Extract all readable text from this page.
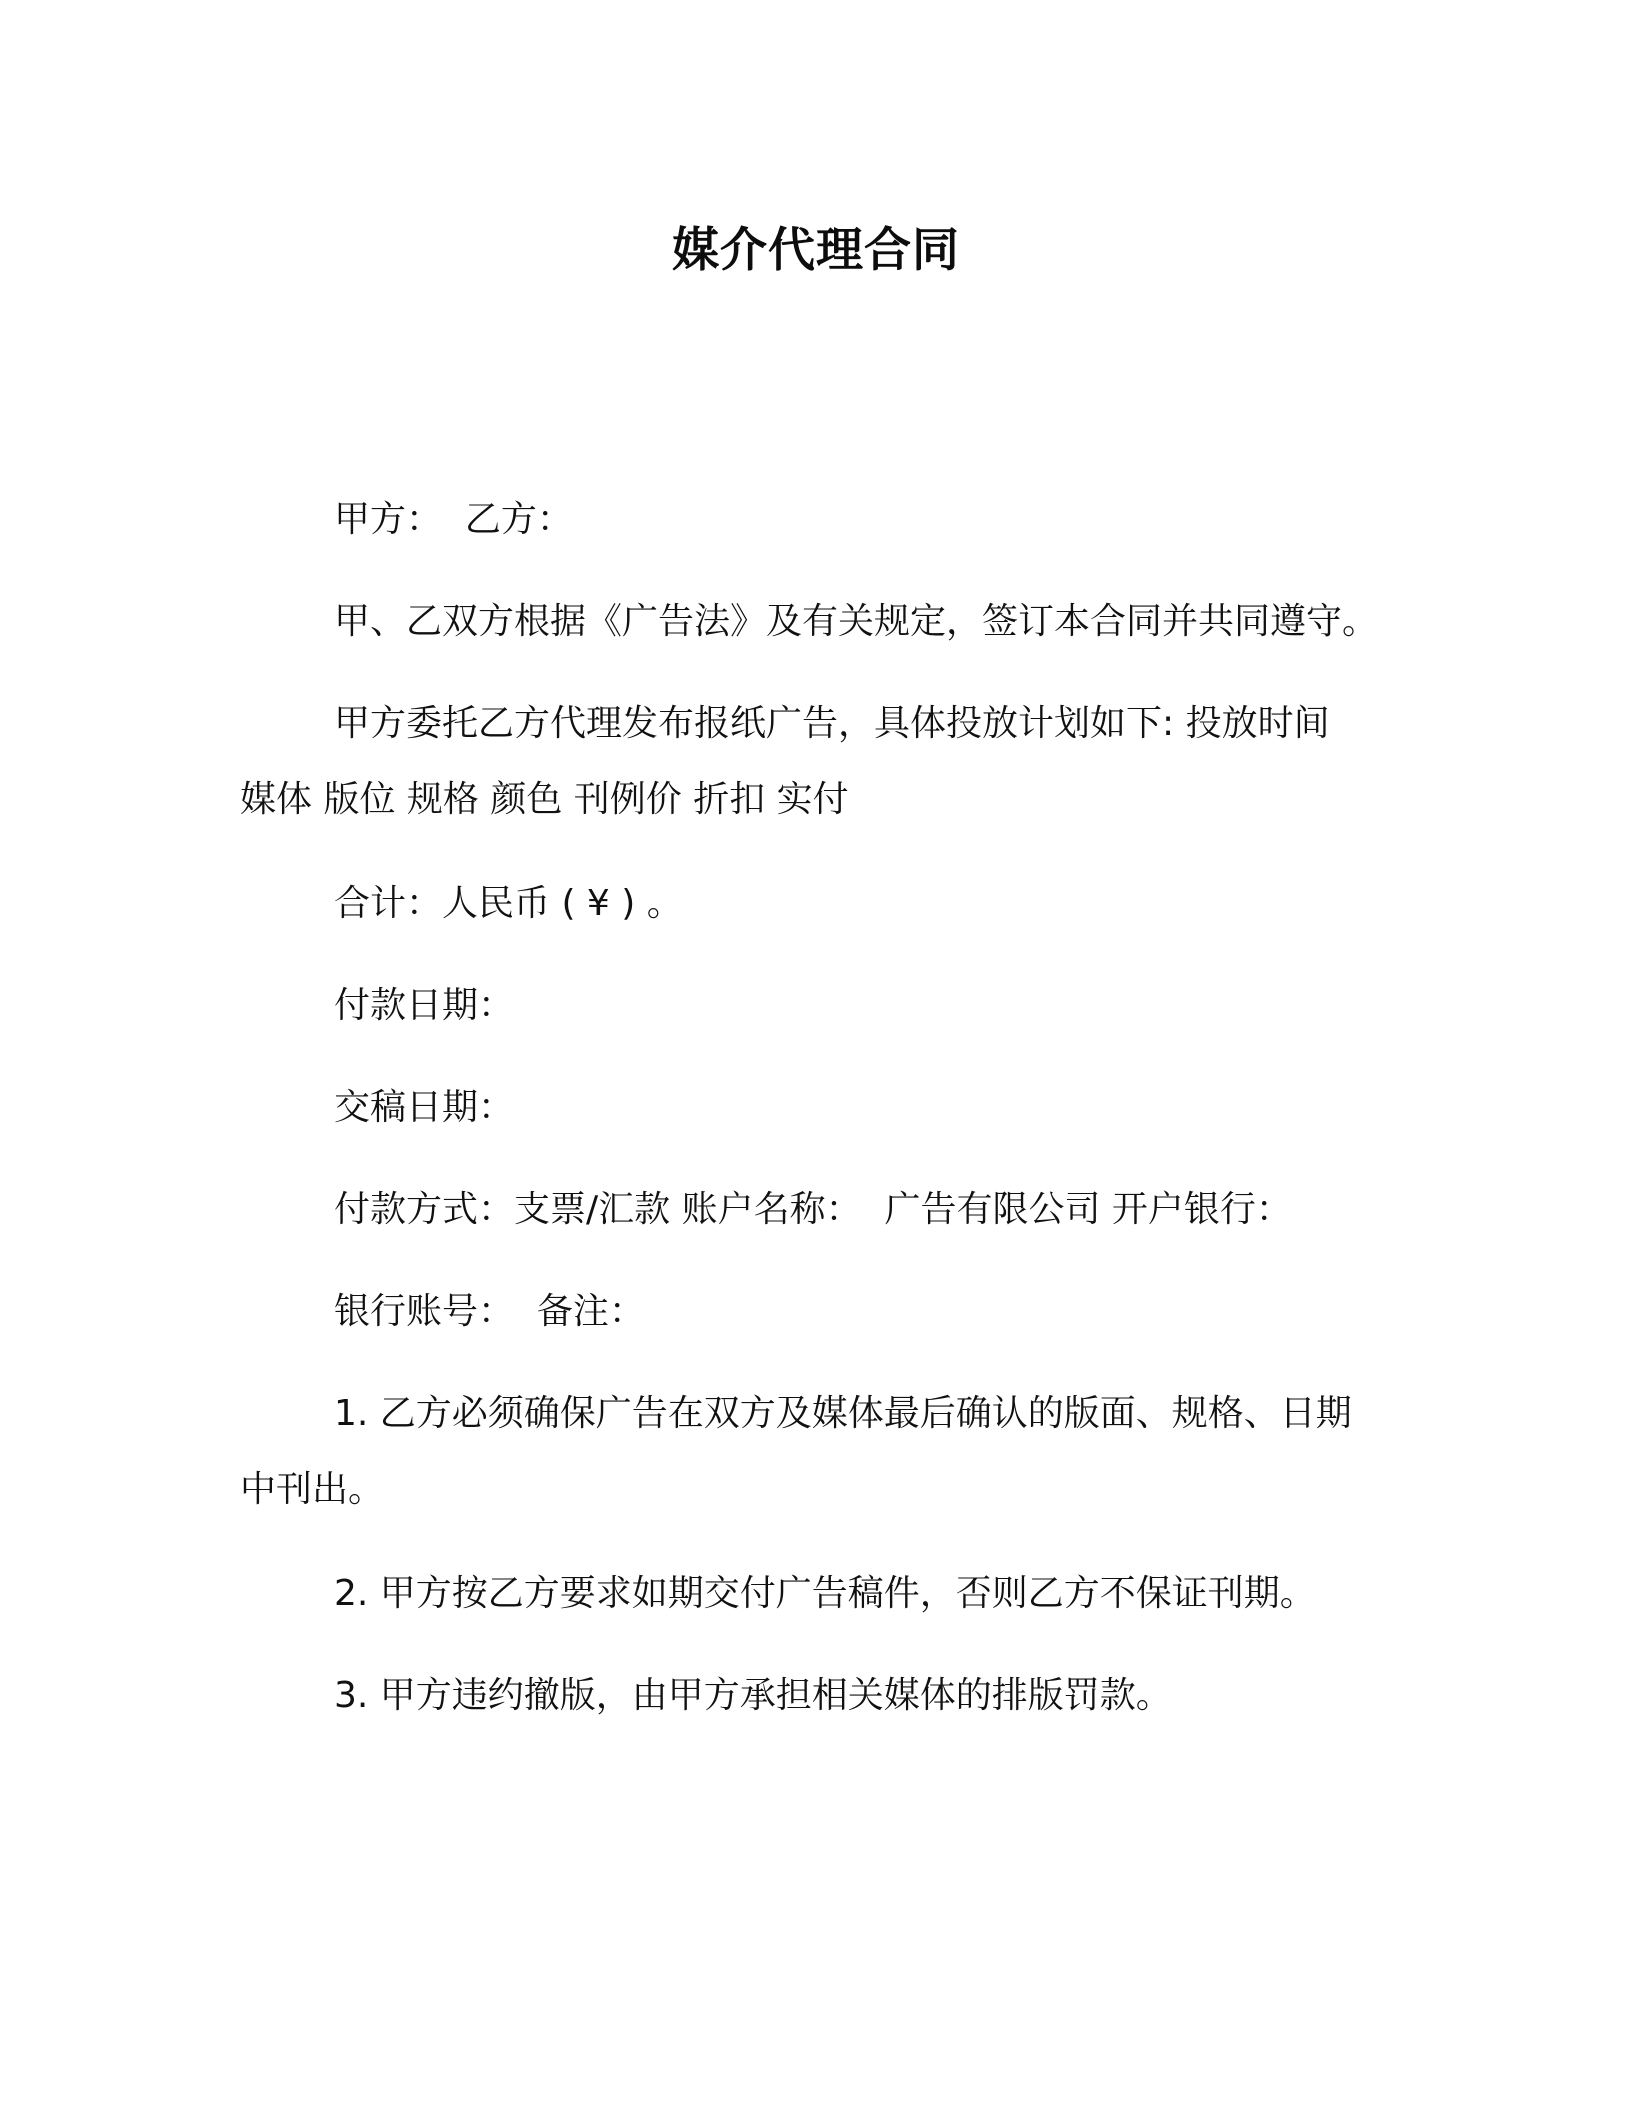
媒介代理合同
甲方：  乙方：
甲、乙双方根据《广告法》及有关规定，签订本合同并共同遵守。
甲方委托乙方代理发布报纸广告，具体投放计划如下: 投放时间
媒体 版位 规格 颜色 刊例价 折扣 实付
合计：人民币 ( ¥ ) 。
付款日期：
交稿日期：
付款方式：支票/汇款 账户名称：  广告有限公司 开户银行：
银行账号：  备注：
1. 乙方必须确保广告在双方及媒体最后确认的版面、规格、日期
中刊出。
2. 甲方按乙方要求如期交付广告稿件，否则乙方不保证刊期。
3. 甲方违约撤版，由甲方承担相关媒体的排版罚款。
